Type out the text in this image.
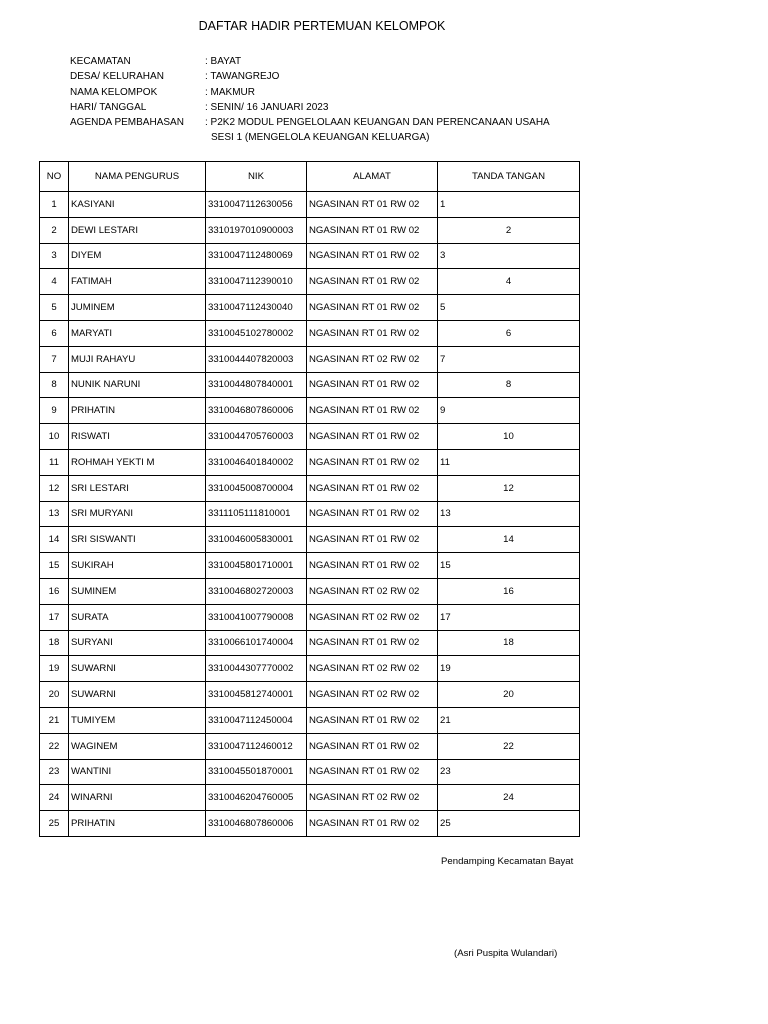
DAFTAR HADIR PERTEMUAN KELOMPOK
KECAMATAN	: BAYAT
DESA/ KELURAHAN	: TAWANGREJO
NAMA KELOMPOK	: MAKMUR
HARI/ TANGGAL	: SENIN/ 16 JANUARI 2023
AGENDA PEMBAHASAN	: P2K2 MODUL PENGELOLAAN KEUANGAN DAN PERENCANAAN USAHA
SESI 1 (MENGELOLA KEUANGAN KELUARGA)
NO	NAMA PENGURUS	NIK	ALAMAT	TANDA TANGAN
1	KASIYANI	3310047112630056	NGASINAN RT 01 RW 02	1
2	DEWI LESTARI	3310197010900003	NGASINAN RT 01 RW 02	2
3	DIYEM	3310047112480069	NGASINAN RT 01 RW 02	3
4	FATIMAH	3310047112390010	NGASINAN RT 01 RW 02	4
5	JUMINEM	3310047112430040	NGASINAN RT 01 RW 02	5
6	MARYATI	3310045102780002	NGASINAN RT 01 RW 02	6
7	MUJI RAHAYU	3310044407820003	NGASINAN RT 02 RW 02	7
8	NUNIK NARUNI	3310044807840001	NGASINAN RT 01 RW 02	8
9	PRIHATIN	3310046807860006	NGASINAN RT 01 RW 02	9
10	RISWATI	3310044705760003	NGASINAN RT 01 RW 02	10
11	ROHMAH YEKTI M	3310046401840002	NGASINAN RT 01 RW 02	11
12	SRI LESTARI	3310045008700004	NGASINAN RT 01 RW 02	12
13	SRI MURYANI	3311105111810001	NGASINAN RT 01 RW 02	13
14	SRI SISWANTI	3310046005830001	NGASINAN RT 01 RW 02	14
15	SUKIRAH	3310045801710001	NGASINAN RT 01 RW 02	15
16	SUMINEM	3310046802720003	NGASINAN RT 02 RW 02	16
17	SURATA	3310041007790008	NGASINAN RT 02 RW 02	17
18	SURYANI	3310066101740004	NGASINAN RT 01 RW 02	18
19	SUWARNI	3310044307770002	NGASINAN RT 02 RW 02	19
20	SUWARNI	3310045812740001	NGASINAN RT 02 RW 02	20
21	TUMIYEM	3310047112450004	NGASINAN RT 01 RW 02	21
22	WAGINEM	3310047112460012	NGASINAN RT 01 RW 02	22
23	WANTINI	3310045501870001	NGASINAN RT 01 RW 02	23
24	WINARNI	3310046204760005	NGASINAN RT 02 RW 02	24
25	PRIHATIN	3310046807860006	NGASINAN RT 01 RW 02	25
Pendamping Kecamatan Bayat
(Asri Puspita Wulandari)
